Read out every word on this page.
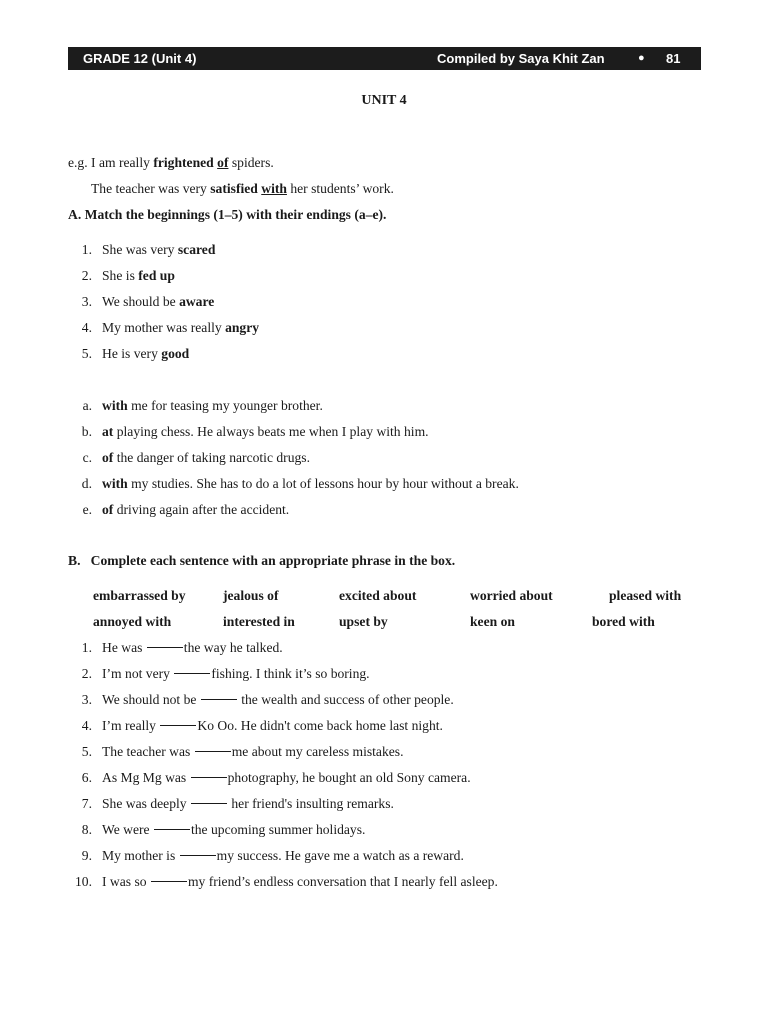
GRADE 12 (Unit 4)	Compiled by Saya Khit Zan	● 81
UNIT 4
e.g. I am really frightened of spiders.
The teacher was very satisfied with her students’ work.
A. Match the beginnings (1–5) with their endings (a–e).
1. She was very scared
2. She is fed up
3. We should be aware
4. My mother was really angry
5. He is very good
a. with me for teasing my younger brother.
b. at playing chess. He always beats me when I play with him.
c. of the danger of taking narcotic drugs.
d. with my studies. She has to do a lot of lessons hour by hour without a break.
e. of driving again after the accident.
B. Complete each sentence with an appropriate phrase in the box.
embarrassed by	jealous of	excited about	worried about	pleased with
annoyed with	interested in	upset by	keen on	bored with
1. He was	the way he talked.
2. I’m not very	fishing. I think it’s so boring.
3. We should not be	the wealth and success of other people.
4. I’m really	Ko Oo. He didn't come back home last night.
5. The teacher was	me about my careless mistakes.
6. As Mg Mg was	photography, he bought an old Sony camera.
7. She was deeply	her friend's insulting remarks.
8. We were	the upcoming summer holidays.
9. My mother is	my success. He gave me a watch as a reward.
10. I was so	my friend’s endless conversation that I nearly fell asleep.
